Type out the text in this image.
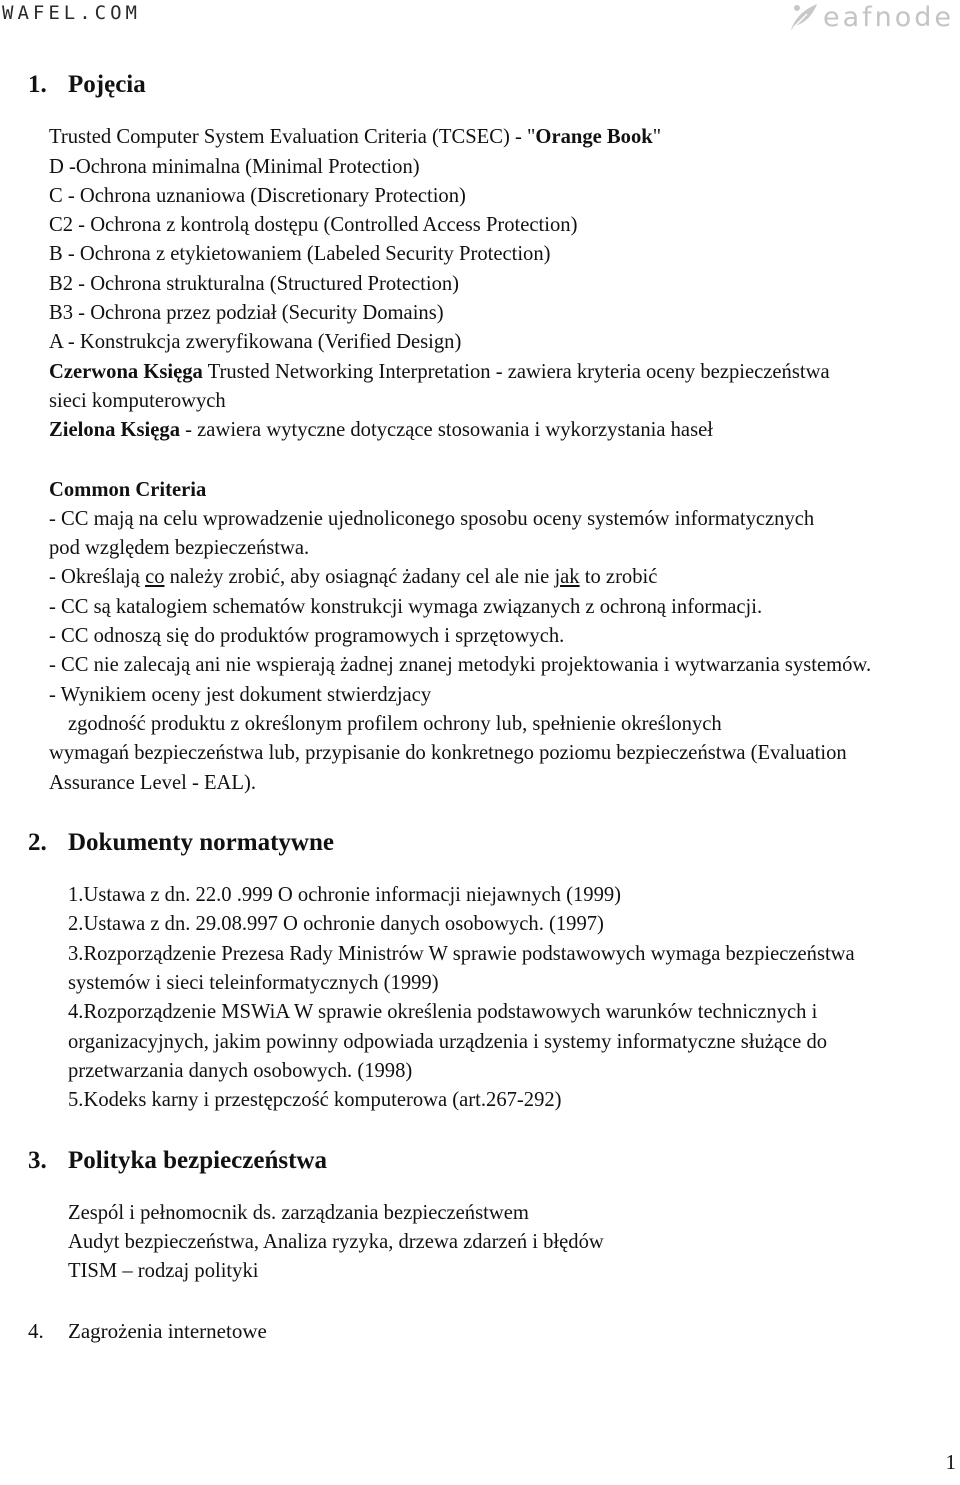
WAFEL.COM	eafnode
1. Pojęcia
Trusted Computer System Evaluation Criteria (TCSEC) - "Orange Book"
D -Ochrona minimalna (Minimal Protection)
C - Ochrona uznaniowa (Discretionary Protection)
C2 - Ochrona z kontrolą dostępu (Controlled Access Protection)
B - Ochrona z etykietowaniem (Labeled Security Protection)
B2 - Ochrona strukturalna (Structured Protection)
B3 - Ochrona przez podział (Security Domains)
A - Konstrukcja zweryfikowana (Verified Design)
Czerwona Księga Trusted Networking Interpretation - zawiera kryteria oceny bezpieczeństwa sieci komputerowych
Zielona Księga - zawiera wytyczne dotyczące stosowania i wykorzystania haseł
Common Criteria
- CC mają na celu wprowadzenie ujednoliconego sposobu oceny systemów informatycznych pod względem bezpieczeństwa.
- Określają co należy zrobić, aby osiagnąć żadany cel ale nie jak to zrobić
- CC są katalogiem schematów konstrukcji wymaga związanych z ochroną informacji.
- CC odnoszą się do produktów programowych i sprzętowych.
- CC nie zalecają ani nie wspierają żadnej znanej metodyki projektowania i wytwarzania systemów.
- Wynikiem oceny jest dokument stwierdzjacy
zgodność produktu z określonym profilem ochrony lub, spełnienie określonych
wymagań bezpieczeństwa lub, przypisanie do konkretnego poziomu bezpieczeństwa (Evaluation Assurance Level - EAL).
2. Dokumenty normatywne
1.Ustawa z dn. 22.0 .999 O ochronie informacji niejawnych (1999)
2.Ustawa z dn. 29.08.997 O ochronie danych osobowych. (1997)
3.Rozporządzenie Prezesa Rady Ministrów W sprawie podstawowych wymaga bezpieczeństwa systemów i sieci teleinformatycznych (1999)
4.Rozporządzenie MSWiA W sprawie określenia podstawowych warunków technicznych i organizacyjnych, jakim powinny odpowiada urządzenia i systemy informatyczne służące do przetwarzania danych osobowych. (1998)
5.Kodeks karny i przestępczość komputerowa (art.267-292)
3. Polityka bezpieczeństwa
Zespól i pełnomocnik ds. zarządzania bezpieczeństwem
Audyt bezpieczeństwa, Analiza ryzyka, drzewa zdarzeń i błędów
TISM – rodzaj polityki
4.	Zagrożenia internetowe
1
